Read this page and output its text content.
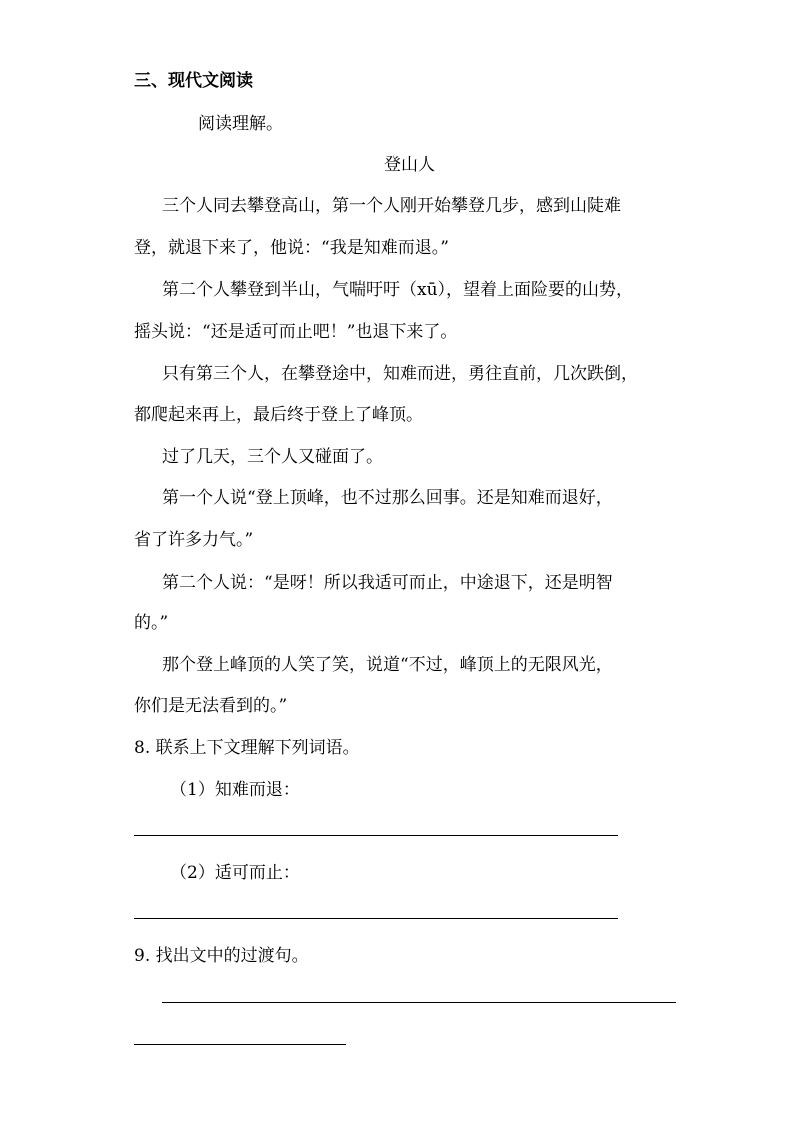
三、现代文阅读
阅读理解。
登山人
三个人同去攀登高山，第一个人刚开始攀登几步，感到山陡难
登，就退下来了，他说：“我是知难而退。”
第二个人攀登到半山，气喘吁吁（xū），望着上面险要的山势，
摇头说：“还是适可而止吧！”也退下来了。
只有第三个人，在攀登途中，知难而进，勇往直前，几次跌倒，
都爬起来再上，最后终于登上了峰顶。
过了几天，三个人又碰面了。
第一个人说“登上顶峰，也不过那么回事。还是知难而退好，
省了许多力气。”
第二个人说：“是呀！所以我适可而止，中途退下，还是明智
的。”
那个登上峰顶的人笑了笑，说道“不过，峰顶上的无限风光，
你们是无法看到的。”
8. 联系上下文理解下列词语。
（1）知难而退：
（2）适可而止：
9. 找出文中的过渡句。
